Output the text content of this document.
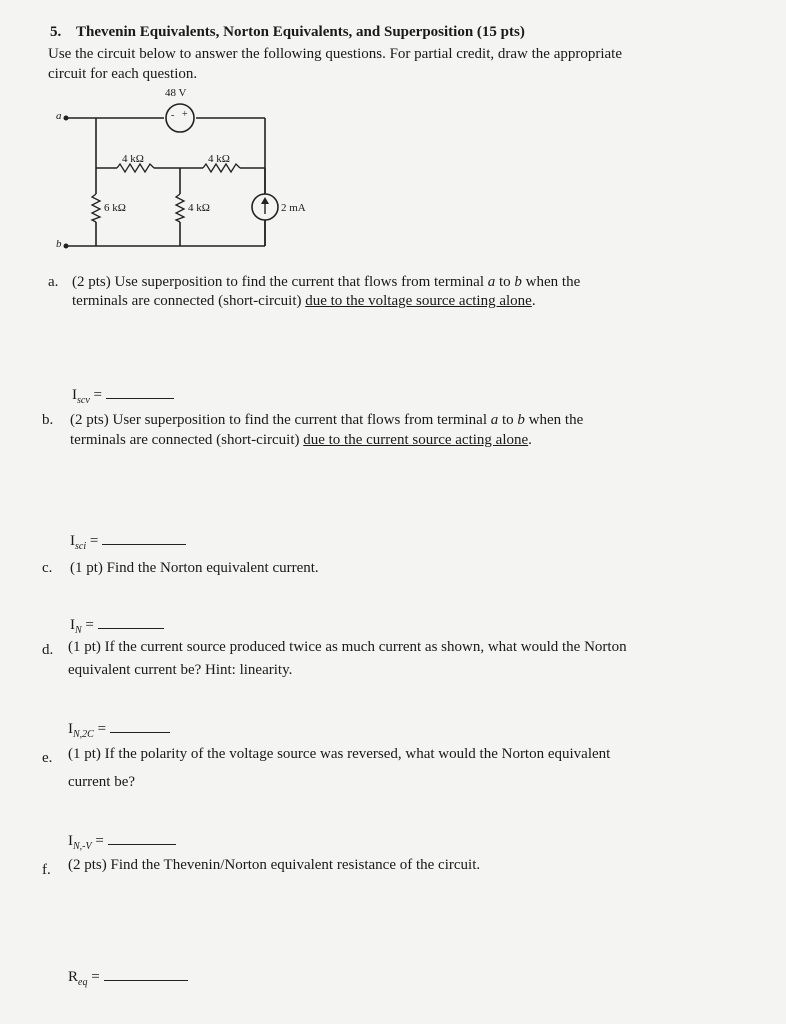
5. Thevenin Equivalents, Norton Equivalents, and Superposition (15 pts)
Use the circuit below to answer the following questions. For partial credit, draw the appropriate
circuit for each question.
48 V
- +
a
b
4 kΩ	4 kΩ
6 kΩ	4 kΩ	2 mA
a. (2 pts) Use superposition to find the current that flows from terminal a to b when the
terminals are connected (short-circuit) due to the voltage source acting alone.
$I_{scv}$ =
b. (2 pts) User superposition to find the current that flows from terminal a to b when the
terminals are connected (short-circuit) due to the current source acting alone.
$I_{sci}$ =
c. (1 pt) Find the Norton equivalent current.
$I_N$ =
d. (1 pt) If the current source produced twice as much current as shown, what would the Norton
equivalent current be? Hint: linearity.
$I_{N,2C}$ =
e. (1 pt) If the polarity of the voltage source was reversed, what would the Norton equivalent
current be?
$I_{N,-V}$ =
f. (2 pts) Find the Thevenin/Norton equivalent resistance of the circuit.
$R_{eq}$ =
